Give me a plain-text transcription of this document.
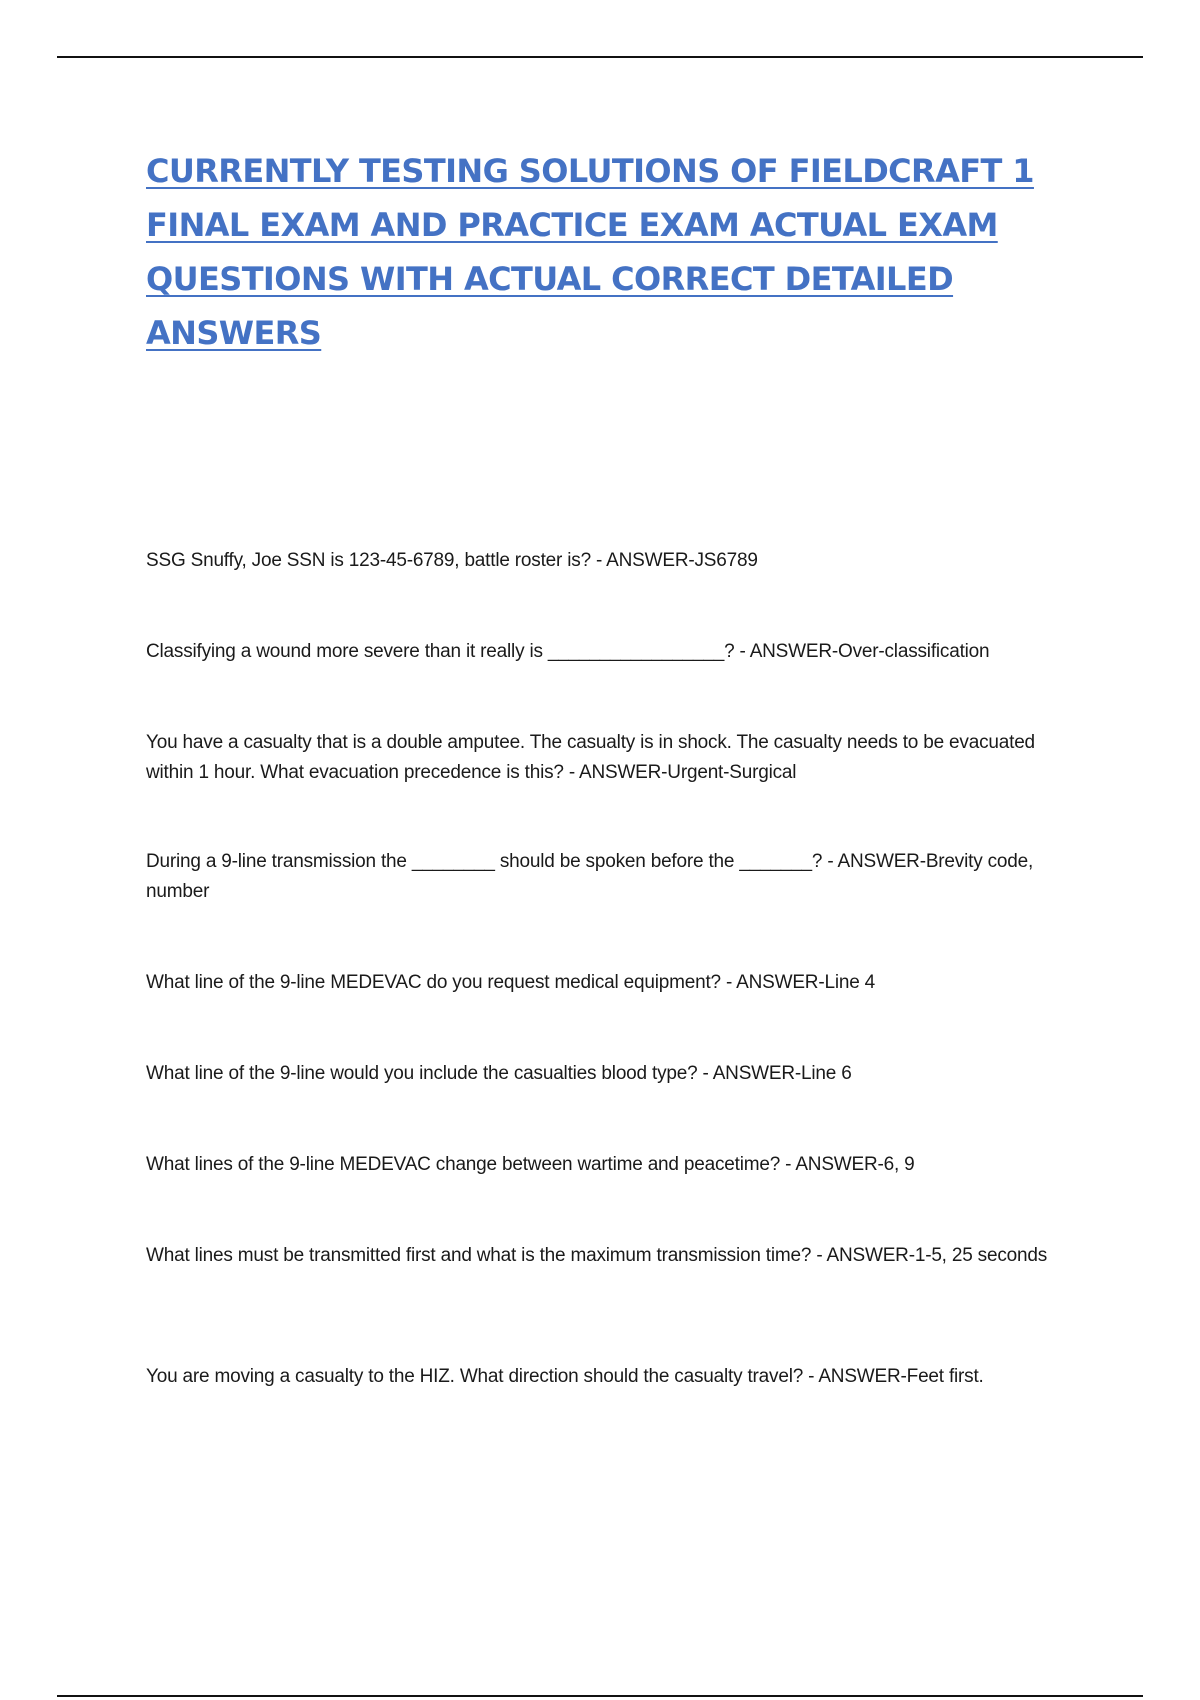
CURRENTLY TESTING SOLUTIONS OF FIELDCRAFT 1 FINAL EXAM AND PRACTICE EXAM ACTUAL EXAM QUESTIONS WITH ACTUAL CORRECT DETAILED ANSWERS
SSG Snuffy, Joe SSN is 123-45-6789, battle roster is? - ANSWER-JS6789
Classifying a wound more severe than it really is _________________? - ANSWER-Over-classification
You have a casualty that is a double amputee. The casualty is in shock. The casualty needs to be evacuated within 1 hour. What evacuation precedence is this? - ANSWER-Urgent-Surgical
During a 9-line transmission the ________ should be spoken before the _______? - ANSWER-Brevity code, number
What line of the 9-line MEDEVAC do you request medical equipment? - ANSWER-Line 4
What line of the 9-line would you include the casualties blood type? - ANSWER-Line 6
What lines of the 9-line MEDEVAC change between wartime and peacetime? - ANSWER-6, 9
What lines must be transmitted first and what is the maximum transmission time? - ANSWER-1-5, 25 seconds
You are moving a casualty to the HIZ. What direction should the casualty travel? - ANSWER-Feet first.
